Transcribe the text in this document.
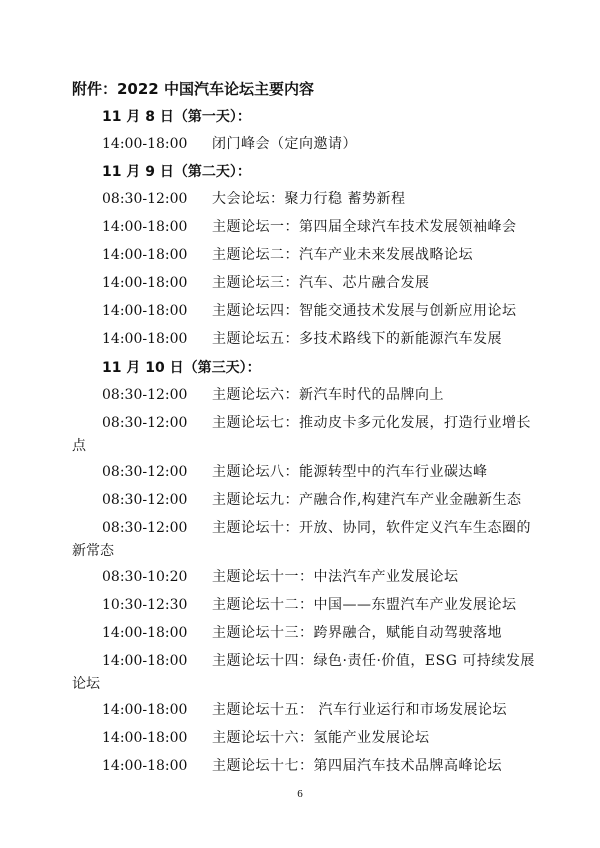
附件：2022 中国汽车论坛主要内容
11 月 8 日（第一天）：
14:00-18:00 闭门峰会（定向邀请）
11 月 9 日（第二天）：
08:30-12:00 大会论坛：聚力行稳 蓄势新程
14:00-18:00 主题论坛一：第四届全球汽车技术发展领袖峰会
14:00-18:00 主题论坛二：汽车产业未来发展战略论坛
14:00-18:00 主题论坛三：汽车、芯片融合发展
14:00-18:00 主题论坛四：智能交通技术发展与创新应用论坛
14:00-18:00 主题论坛五：多技术路线下的新能源汽车发展
11 月 10 日（第三天）：
08:30-12:00 主题论坛六：新汽车时代的品牌向上
08:30-12:00 主题论坛七：推动皮卡多元化发展，打造行业增长
点
08:30-12:00 主题论坛八：能源转型中的汽车行业碳达峰
08:30-12:00 主题论坛九：产融合作,构建汽车产业金融新生态
08:30-12:00 主题论坛十：开放、协同，软件定义汽车生态圈的
新常态
08:30-10:20 主题论坛十一：中法汽车产业发展论坛
10:30-12:30 主题论坛十二：中国——东盟汽车产业发展论坛
14:00-18:00 主题论坛十三：跨界融合，赋能自动驾驶落地
14:00-18:00 主题论坛十四：绿色·责任·价值，ESG 可持续发展
论坛
14:00-18:00 主题论坛十五： 汽车行业运行和市场发展论坛
14:00-18:00 主题论坛十六：氢能产业发展论坛
14:00-18:00 主题论坛十七：第四届汽车技术品牌高峰论坛
6
